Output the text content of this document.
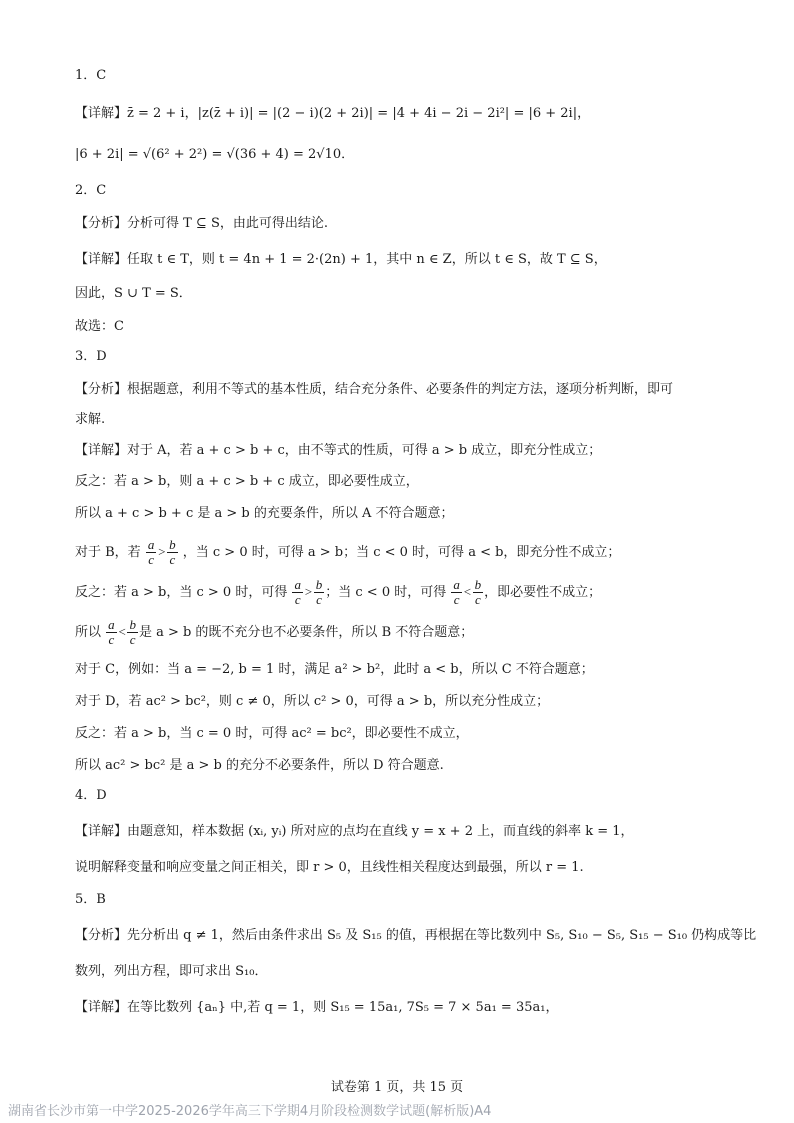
1．C
【详解】z̄ = 2 + i，|z(z̄ + i)| = |(2 − i)(2 + 2i)| = |4 + 4i − 2i − 2i²| = |6 + 2i|，
|6 + 2i| = √(6² + 2²) = √(36 + 4) = 2√10．
2．C
【分析】分析可得 T ⊆ S，由此可得出结论.
【详解】任取 t ∈ T，则 t = 4n + 1 = 2·(2n) + 1，其中 n ∈ Z，所以 t ∈ S，故 T ⊆ S，
因此，S ∪ T = S．
故选：C
3．D
【分析】根据题意，利用不等式的基本性质，结合充分条件、必要条件的判定方法，逐项分析判断，即可
求解.
【详解】对于 A，若 a + c > b + c，由不等式的性质，可得 a > b 成立，即充分性成立；
反之：若 a > b，则 a + c > b + c 成立，即必要性成立，
所以 a + c > b + c 是 a > b 的充要条件，所以 A 不符合题意；
对于 B，若 $\frac{a}{c} > \frac{b}{c}$ ，当 c > 0 时，可得 a > b；当 c < 0 时，可得 a < b，即充分性不成立；
反之：若 a > b，当 c > 0 时，可得 $\frac{a}{c} > \frac{b}{c}$ ；当 c < 0 时，可得 $\frac{a}{c} < \frac{b}{c}$ ，即必要性不成立；
所以 $\frac{a}{c} < \frac{b}{c}$ 是 a > b 的既不充分也不必要条件，所以 B 不符合题意；
对于 C，例如：当 a = −2, b = 1 时，满足 a² > b²，此时 a < b，所以 C 不符合题意；
对于 D，若 ac² > bc²，则 c ≠ 0，所以 c² > 0，可得 a > b，所以充分性成立；
反之：若 a > b，当 c = 0 时，可得 ac² = bc²，即必要性不成立，
所以 ac² > bc² 是 a > b 的充分不必要条件，所以 D 符合题意.
4．D
【详解】由题意知，样本数据 (xᵢ, yᵢ) 所对应的点均在直线 y = x + 2 上，而直线的斜率 k = 1，
说明解释变量和响应变量之间正相关，即 r > 0，且线性相关程度达到最强，所以 r = 1.
5．B
【分析】先分析出 q ≠ 1，然后由条件求出 S₅ 及 S₁₅ 的值，再根据在等比数列中 S₅, S₁₀ − S₅, S₁₅ − S₁₀ 仍构成等比
数列，列出方程，即可求出 S₁₀．
【详解】在等比数列 {aₙ} 中,若 q = 1，则 S₁₅ = 15a₁, 7S₅ = 7 × 5a₁ = 35a₁，
试卷第 1 页，共 15 页
湖南省长沙市第一中学2025-2026学年高三下学期4月阶段检测数学试题(解析版)A4
